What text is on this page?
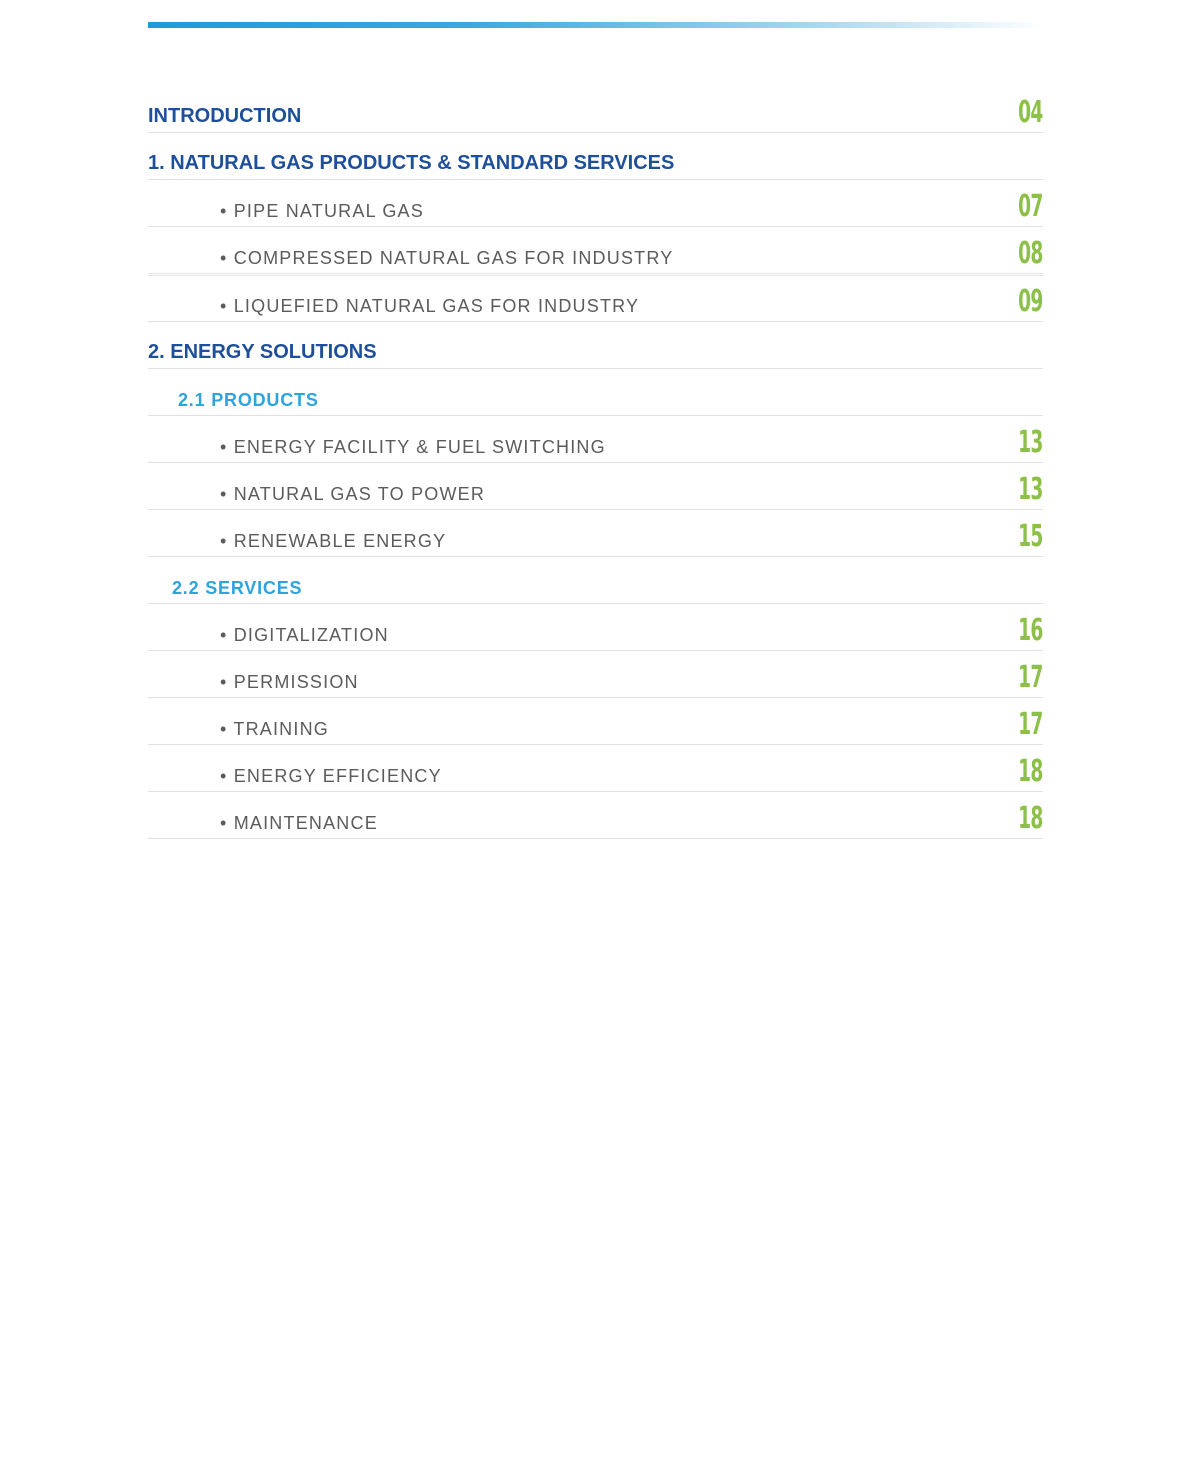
INTRODUCTION	04
1. NATURAL GAS PRODUCTS & STANDARD SERVICES
• PIPE NATURAL GAS	07
• COMPRESSED NATURAL GAS FOR INDUSTRY	08
• LIQUEFIED NATURAL GAS FOR INDUSTRY	09
2. ENERGY SOLUTIONS
2.1 PRODUCTS
• ENERGY FACILITY & FUEL SWITCHING	13
• NATURAL GAS TO POWER	13
• RENEWABLE ENERGY	15
2.2 SERVICES
• DIGITALIZATION	16
• PERMISSION	17
• TRAINING	17
• ENERGY EFFICIENCY	18
• MAINTENANCE	18
